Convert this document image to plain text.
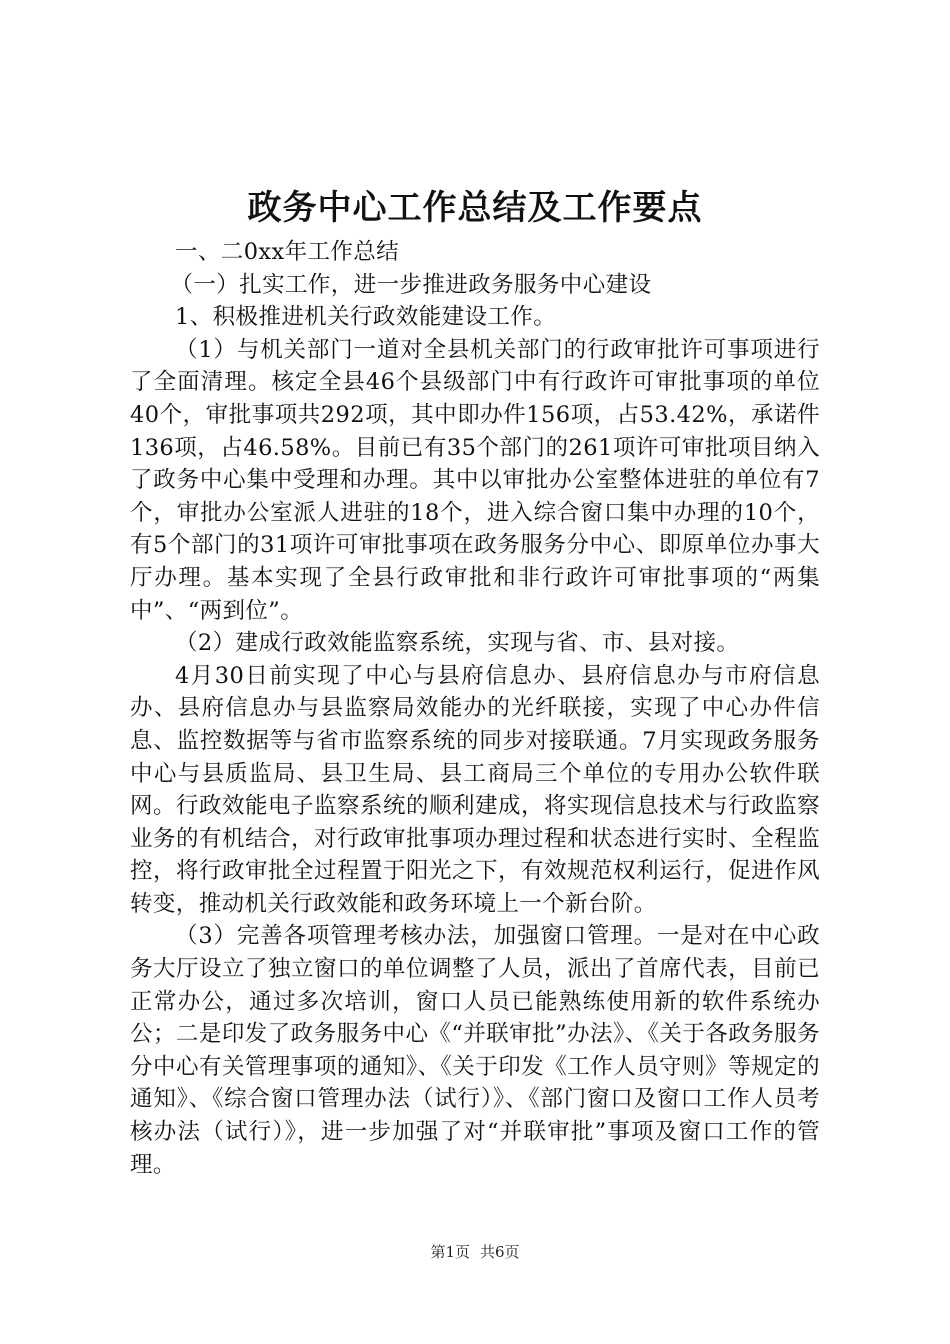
政务中心工作总结及工作要点

一、二0xx年工作总结

（一）扎实工作，进一步推进政务服务中心建设

1、积极推进机关行政效能建设工作。

（1）与机关部门一道对全县机关部门的行政审批许可事项进行了全面清理。核定全县46个县级部门中有行政许可审批事项的单位40个，审批事项共292项，其中即办件156项，占53.42%，承诺件136项，占46.58%。目前已有35个部门的261项许可审批项目纳入了政务中心集中受理和办理。其中以审批办公室整体进驻的单位有7个，审批办公室派人进驻的18个，进入综合窗口集中办理的10个，有5个部门的31项许可审批事项在政务服务分中心、即原单位办事大厅办理。基本实现了全县行政审批和非行政许可审批事项的“两集中”、“两到位”。

（2）建成行政效能监察系统，实现与省、市、县对接。

4月30日前实现了中心与县府信息办、县府信息办与市府信息办、县府信息办与县监察局效能办的光纤联接，实现了中心办件信息、监控数据等与省市监察系统的同步对接联通。7月实现政务服务中心与县质监局、县卫生局、县工商局三个单位的专用办公软件联网。行政效能电子监察系统的顺利建成，将实现信息技术与行政监察业务的有机结合，对行政审批事项办理过程和状态进行实时、全程监控，将行政审批全过程置于阳光之下，有效规范权利运行，促进作风转变，推动机关行政效能和政务环境上一个新台阶。

（3）完善各项管理考核办法，加强窗口管理。一是对在中心政务大厅设立了独立窗口的单位调整了人员，派出了首席代表，目前已正常办公，通过多次培训，窗口人员已能熟练使用新的软件系统办公；二是印发了政务服务中心《“并联审批”办法》、《关于各政务服务分中心有关管理事项的通知》、《关于印发《工作人员守则》等规定的通知》、《综合窗口管理办法（试行）》、《部门窗口及窗口工作人员考核办法（试行）》，进一步加强了对“并联审批”事项及窗口工作的管理。

第1页 共6页
